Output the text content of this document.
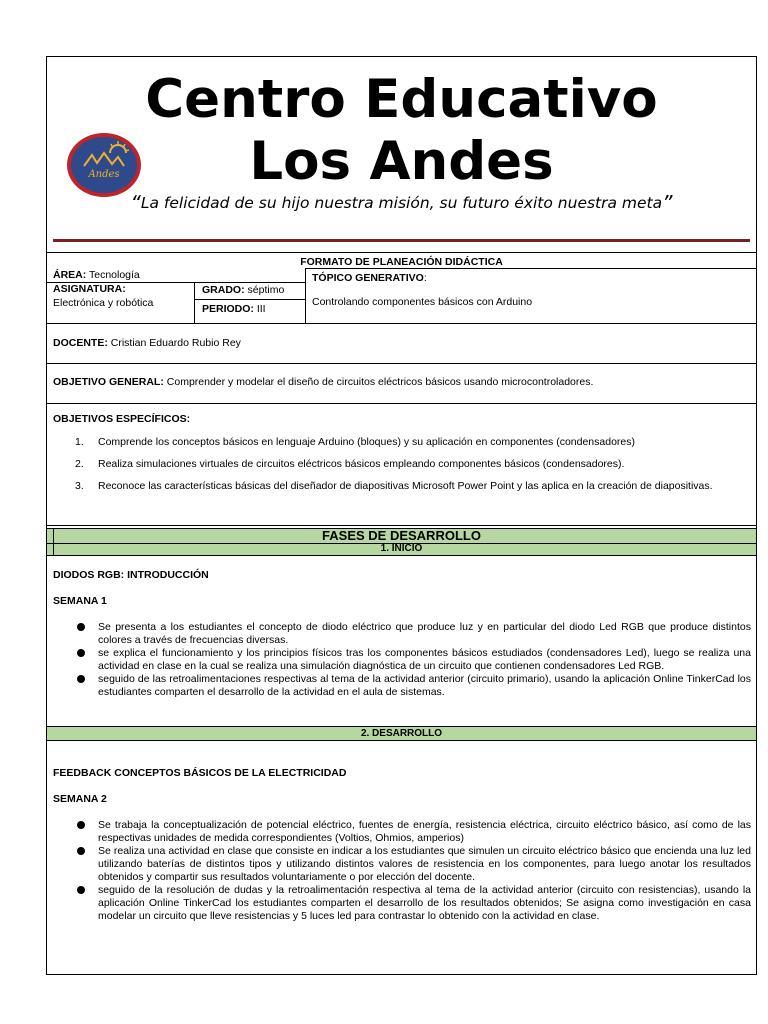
Centro Educativo
Los Andes
Andes
“La felicidad de su hijo nuestra misión, su futuro éxito nuestra meta”
FORMATO DE PLANEACIÓN DIDÁCTICA
ÁREA: Tecnología	TÓPICO GENERATIVO:
Controlando componentes básicos con Arduino
ASIGNATURA:
Electrónica y robótica
GRADO: séptimo
PERIODO: III
DOCENTE: Cristian Eduardo Rubio Rey
OBJETIVO GENERAL: Comprender y modelar el diseño de circuitos eléctricos básicos usando microcontroladores.
OBJETIVOS ESPECÍFICOS:
1. Comprende los conceptos básicos en lenguaje Arduino (bloques) y su aplicación en componentes (condensadores)
2. Realiza simulaciones virtuales de circuitos eléctricos básicos empleando componentes básicos (condensadores).
3. Reconoce las características básicas del diseñador de diapositivas Microsoft Power Point y las aplica en la creación de diapositivas.
FASES DE DESARROLLO
1. INICIO
DIODOS RGB: INTRODUCCIÓN
SEMANA 1
Se presenta a los estudiantes el concepto de diodo eléctrico que produce luz y en particular del diodo Led RGB que produce distintos colores a través de frecuencias diversas.
se explica el funcionamiento y los principios físicos tras los componentes básicos estudiados (condensadores Led), luego se realiza una actividad en clase en la cual se realiza una simulación diagnóstica de un circuito que contienen condensadores Led RGB.
seguido de las retroalimentaciones respectivas al tema de la actividad anterior (circuito primario), usando la aplicación Online TinkerCad los estudiantes comparten el desarrollo de la actividad en el aula de sistemas.
2. DESARROLLO
FEEDBACK CONCEPTOS BÁSICOS DE LA ELECTRICIDAD
SEMANA 2
Se trabaja la conceptualización de potencial eléctrico, fuentes de energía, resistencia eléctrica, circuito eléctrico básico, así como de las respectivas unidades de medida correspondientes (Voltios, Ohmios, amperios)
Se realiza una actividad en clase que consiste en indicar a los estudiantes que simulen un circuito eléctrico básico que encienda una luz led utilizando baterías de distintos tipos y utilizando distintos valores de resistencia en los componentes, para luego anotar los resultados obtenidos y compartir sus resultados voluntariamente o por elección del docente.
seguido de la resolución de dudas y la retroalimentación respectiva al tema de la actividad anterior (circuito con resistencias), usando la aplicación Online TinkerCad los estudiantes comparten el desarrollo de los resultados obtenidos; Se asigna como investigación en casa modelar un circuito que lleve resistencias y 5 luces led para contrastar lo obtenido con la actividad en clase.
